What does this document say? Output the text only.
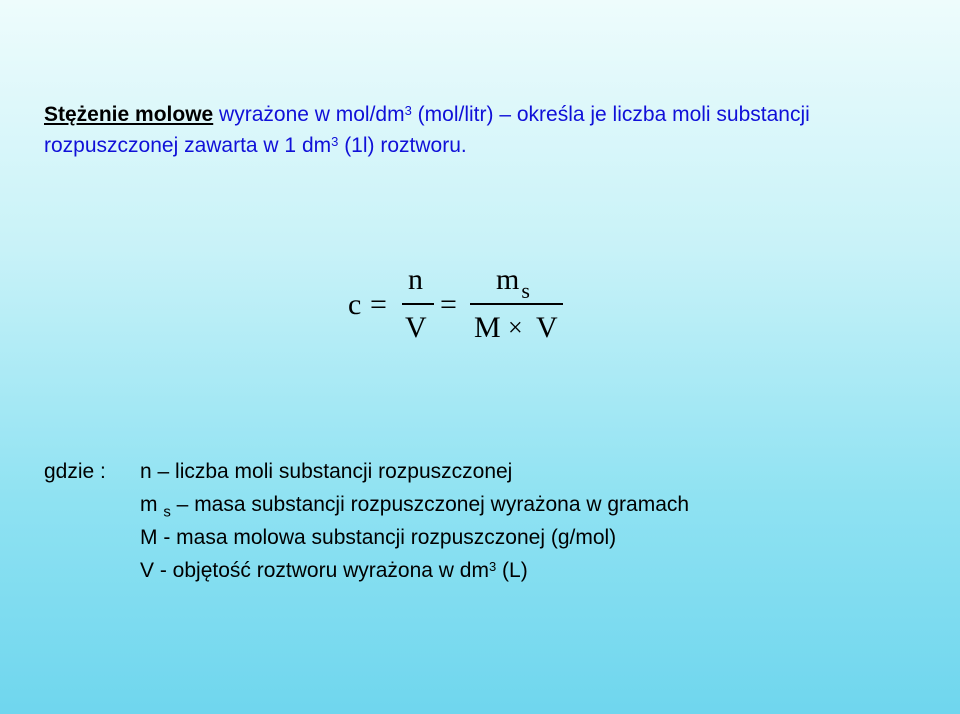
Stężenie molowe wyrażone w mol/$dm^3$ (mol/litr) – określa je liczba moli substancji rozpuszczonej zawarta w 1 $dm^3$ (1l) roztworu.
c =
n
V
=
$m_s$
M × V
gdzie : n – liczba moli substancji rozpuszczonej
m $_s$ – masa substancji rozpuszczonej wyrażona w gramach
M - masa molowa substancji rozpuszczonej (g/mol)
V - objętość roztworu wyrażona w $dm^3$ (L)
